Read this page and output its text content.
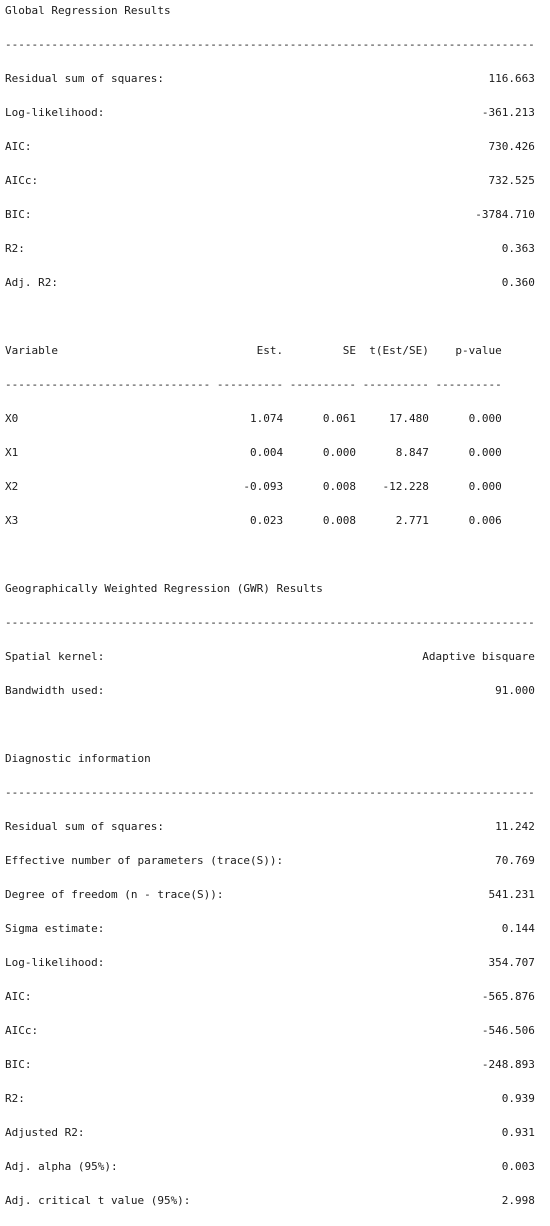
Global Regression Results

--------------------------------------------------------------------------------

Residual sum of squares:	116.663

Log-likelihood:	-361.213

AIC:	730.426

AICc:	732.525

BIC:	-3784.710

R2:	0.363

Adj. R2:	0.360

Variable                              Est.         SE  t(Est/SE)    p-value

------------------------------- ---------- ---------- ---------- ----------

X0                                   1.074      0.061     17.480      0.000

X1                                   0.004      0.000      8.847      0.000

X2                                  -0.093      0.008    -12.228      0.000

X3                                   0.023      0.008      2.771      0.006

Geographically Weighted Regression (GWR) Results

--------------------------------------------------------------------------------

Spatial kernel:	Adaptive bisquare

Bandwidth used:	91.000

Diagnostic information

--------------------------------------------------------------------------------

Residual sum of squares:	11.242

Effective number of parameters (trace(S)):	70.769

Degree of freedom (n - trace(S)):	541.231

Sigma estimate:	0.144

Log-likelihood:	354.707

AIC:	-565.876

AICc:	-546.506

BIC:	-248.893

R2:	0.939

Adjusted R2:	0.931

Adj. alpha (95%):	0.003

Adj. critical t value (95%):	2.998
